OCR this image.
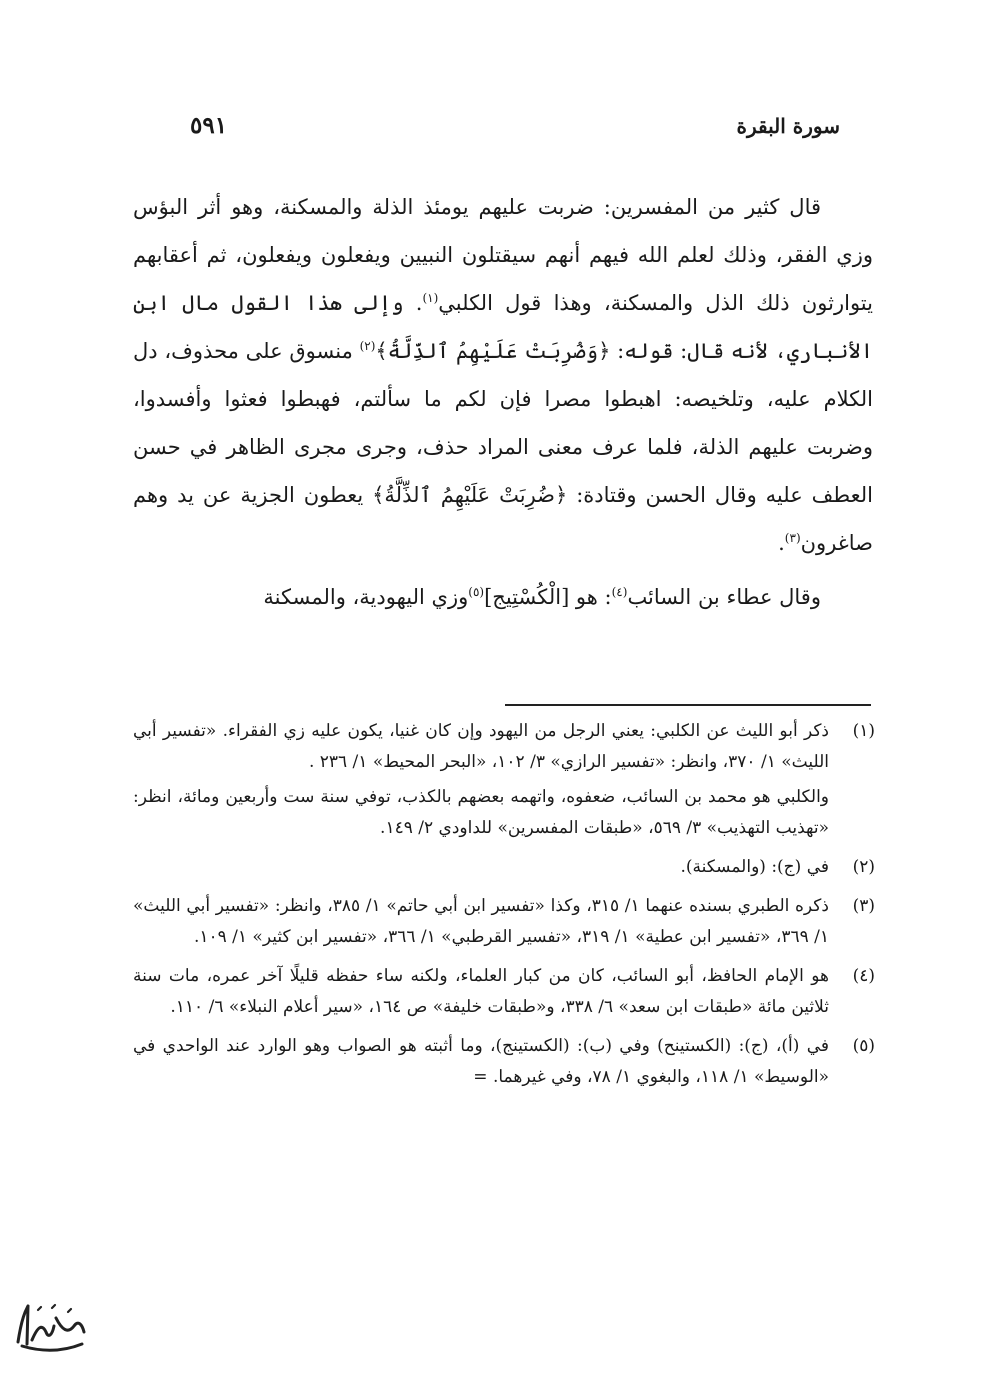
٥٩١	سورة البقرة

قال كثير من المفسرين: ضربت عليهم يومئذ الذلة والمسكنة، وهو أثر البؤس وزي الفقر، وذلك لعلم الله فيهم أنهم سيقتلون النبيين ويفعلون ويفعلون، ثم أعقابهم يتوارثون ذلك الذل والمسكنة، وهذا قول الكلبي$^{(١)}$. وإلى هذا القول مال ابن الأنباري، لأنه قال: قوله: ﴿وَضُرِبَتْ عَلَيْهِمُ ٱلذِّلَّةُ﴾$^{(٢)}$ منسوق على محذوف، دل الكلام عليه، وتلخيصه: اهبطوا مصرا فإن لكم ما سألتم، فهبطوا فعثوا وأفسدوا، وضربت عليهم الذلة، فلما عرف معنى المراد حذف، وجرى مجرى الظاهر في حسن العطف عليه وقال الحسن وقتادة: ﴿ضُرِبَتْ عَلَيْهِمُ ٱلذِّلَّةُ﴾ يعطون الجزية عن يد وهم صاغرون$^{(٣)}$.

وقال عطاء بن السائب$^{(٤)}$: هو [الْكُسْتِيج]$^{(٥)}$وزي اليهودية، والمسكنة

(١)
ذكر أبو الليث عن الكلبي: يعني الرجل من اليهود وإن كان غنيا، يكون عليه زي الفقراء. «تفسير أبي الليث» ١/ ٣٧٠، وانظر: «تفسير الرازي» ٣/ ١٠٢، «البحر المحيط» ١/ ٢٣٦ .
والكلبي هو محمد بن السائب، ضعفوه، واتهمه بعضهم بالكذب، توفي سنة ست وأربعين ومائة، انظر: «تهذيب التهذيب» ٣/ ٥٦٩، «طبقات المفسرين» للداودي ٢/ ١٤٩.
(٢)
في (ج): (والمسكنة).
(٣)
ذكره الطبري بسنده عنهما ١/ ٣١٥، وكذا «تفسير ابن أبي حاتم» ١/ ٣٨٥، وانظر: «تفسير أبي الليث» ١/ ٣٦٩، «تفسير ابن عطية» ١/ ٣١٩، «تفسير القرطبي» ١/ ٣٦٦، «تفسير ابن كثير» ١/ ١٠٩.
(٤)
هو الإمام الحافظ، أبو السائب، كان من كبار العلماء، ولكنه ساء حفظه قليلًا آخر عمره، مات سنة ثلاثين مائة «طبقات ابن سعد» ٦/ ٣٣٨، و«طبقات خليفة» ص ١٦٤، «سير أعلام النبلاء» ٦/ ١١٠.
(٥)
في (أ)، (ج): (الكستينح) وفي (ب): (الكستينج)، وما أثبته هو الصواب وهو الوارد عند الواحدي في «الوسيط» ١/ ١١٨، والبغوي ١/ ٧٨، وفي غيرهما. =
